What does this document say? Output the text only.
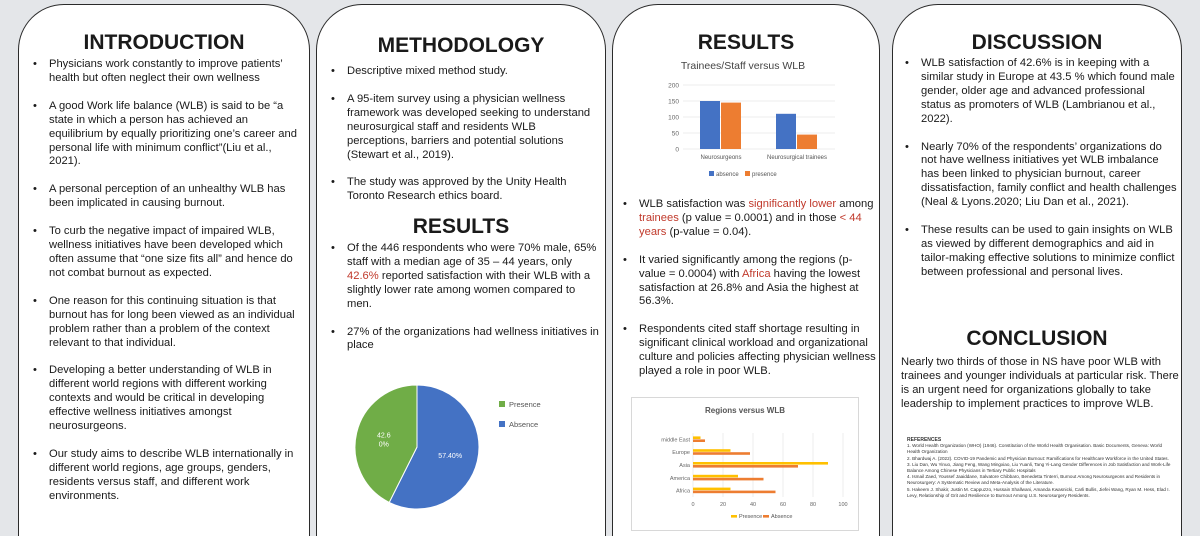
INTRODUCTION
• Physicians work constantly to improve patients’ health but often neglect their own wellness
• A good Work life balance (WLB) is said to be “a state in which a person has achieved an equilibrium by equally prioritizing one’s career and personal life with minimum conflict”(Liu et al., 2021).
• A personal perception of an unhealthy WLB has been implicated in causing burnout.
• To curb the negative impact of impaired WLB, wellness initiatives have been developed which often assume that “one size fits all” and hence do not combat burnout as expected.
• One reason for this continuing situation is that burnout has for long been viewed as an individual problem rather than a problem of the context relevant to that individual.
• Developing a better understanding of WLB in different world regions with different working contexts and would be critical in developing effective wellness initiatives amongst neurosurgeons.
• Our study aims to describe WLB internationally in different world regions, age groups, genders, residents versus staff, and different work environments.
METHODOLOGY
• Descriptive mixed method study.
• A 95-item survey using a physician wellness framework was developed seeking to understand neurosurgical staff and residents WLB perceptions, barriers and potential solutions (Stewart et al., 2019).
• The study was approved by the Unity Health Toronto Research ethics board.
RESULTS
• Of the 446 respondents who were 70% male, 65% staff with a median age of 35 – 44 years, only 42.6% reported satisfaction with their WLB with a slightly lower rate among women compared to men.
• 27% of the organizations had wellness initiatives in place
57.40%
42.6
0%
Presence
Absence
RESULTS
Trainees/Staff versus WLB
0
50
100
150
200
Neurosurgeons	Neurosurgical trainees
absence presence
• WLB satisfaction was significantly lower among trainees (p value = 0.0001) and in those < 44 years (p-value = 0.04).
• It varied significantly among the regions (p-value = 0.0004) with Africa having the lowest satisfaction at 26.8% and Asia the highest at 56.3%.
• Respondents cited staff shortage resulting in significant clinical workload and organizational culture and policies affecting physician wellness played a role in poor WLB.
Regions versus WLB
0	20	40	60	80	100
middle East
Europe
Asia
America
Africa
Presence Absence
DISCUSSION
• WLB satisfaction of 42.6% is in keeping with a similar study in Europe at 43.5 % which found male gender, older age and advanced professional status as promoters of WLB (Lambrianou et al., 2022).
• Nearly 70% of the respondents’ organizations do not have wellness initiatives yet WLB imbalance has been linked to physician burnout, career dissatisfaction, family conflict and health challenges (Neal & Lyons.2020; Liu Dan et al., 2021).
• These results can be used to gain insights on WLB as viewed by different demographics and aid in tailor-making effective solutions to minimize conflict between professional and personal lives.
CONCLUSION
Nearly two thirds of those in NS have poor WLB with trainees and younger individuals at particular risk. There is an urgent need for organizations globally to take leadership to implement practices to improve WLB.
REFERENCES
1. World Health Organization (WHO) (1946). Constitution of the World Health Organisation. Basic Documents, Geneva: World Health Organization
2. Bhardwaj A. (2022). COVID-19 Pandemic and Physician Burnout: Ramifications for Healthcare Workforce in the United States.
3. Liu Dan, Wu Yinuo, Jiang Feng, Wang Mingxiao, Liu Yuanli, Tang Yi-Lang Gender Differences in Job Satisfaction and Work-Life Balance Among Chinese Physicians in Tertiary Public Hospitals
4. Ismail Zaed, Youssef Jaaiddane, Salvatore Chibbaro, Benedetta Tinterri, Burnout Among Neurosurgeons and Residents in Neurosurgery: A Systematic Review and Meta-Analysis of the Literature.
5. Hakeem J. Shakir, Justin M. Cappuzzo, Hussain Shallwani, Amanda Kwasnicki, Carli Bullis, Jiefei Wang, Ryan M. Hess, Elad I. Levy, Relationship of Grit and Resilience to Burnout Among U.S. Neurosurgery Residents.
